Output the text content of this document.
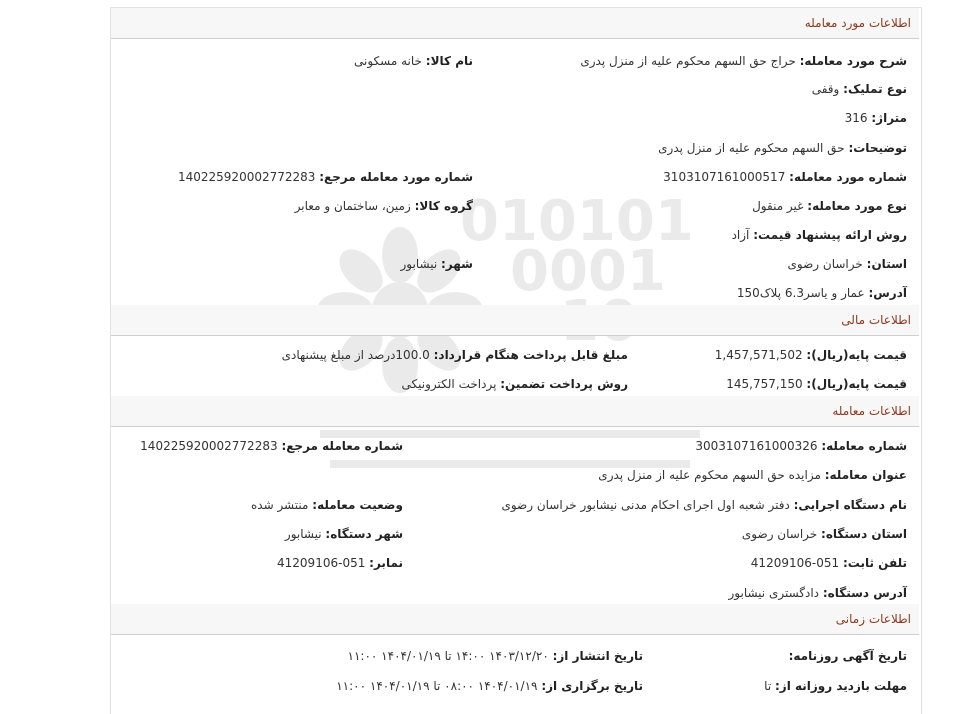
اطلاعات مورد معامله
شرح مورد معامله: حراج حق السهم محکوم علیه از منزل پدری
نام کالا: خانه مسکونی
نوع تملیک: وقفی
متراژ: 316
توضیحات: حق السهم محکوم علیه از منزل پدری
شماره مورد معامله: 3103107161000517
شماره مورد معامله مرجع: 140225920002772283
نوع مورد معامله: غیر منقول
گروه کالا: زمین، ساختمان و معابر
روش ارائه پیشنهاد قیمت: آزاد
استان: خراسان رضوی
شهر: نیشابور
آدرس: عمار و یاسر6.3 پلاک150
اطلاعات مالی
قیمت پایه(ریال): 1,457,571,502
مبلغ قابل پرداخت هنگام قرارداد: 100.0درصد از مبلغ پیشنهادی
قیمت پایه(ریال): 145,757,150
روش پرداخت تضمین: پرداخت الکترونیکی
اطلاعات معامله
شماره معامله: 3003107161000326
شماره معامله مرجع: 140225920002772283
عنوان معامله: مزایده حق السهم محکوم علیه از منزل پدری
نام دستگاه اجرایی: دفتر شعبه اول اجرای احکام مدنی نیشابور خراسان رضوی
وضعیت معامله: منتشر شده
استان دستگاه: خراسان رضوی
شهر دستگاه: نیشابور
تلفن ثابت: 051-41209106
نمابر: 051-41209106
آدرس دستگاه: دادگستری نیشابور
اطلاعات زمانی
تاریخ آگهی روزنامه:
تاریخ انتشار از: ۱۴۰۳/۱۲/۲۰ ۱۴:۰۰ تا ۱۴۰۴/۰۱/۱۹ ۱۱:۰۰
مهلت بازدید روزانه از: تا
تاریخ برگزاری از: ۱۴۰۴/۰۱/۱۹ ۰۸:۰۰ تا ۱۴۰۴/۰۱/۱۹ ۱۱:۰۰
